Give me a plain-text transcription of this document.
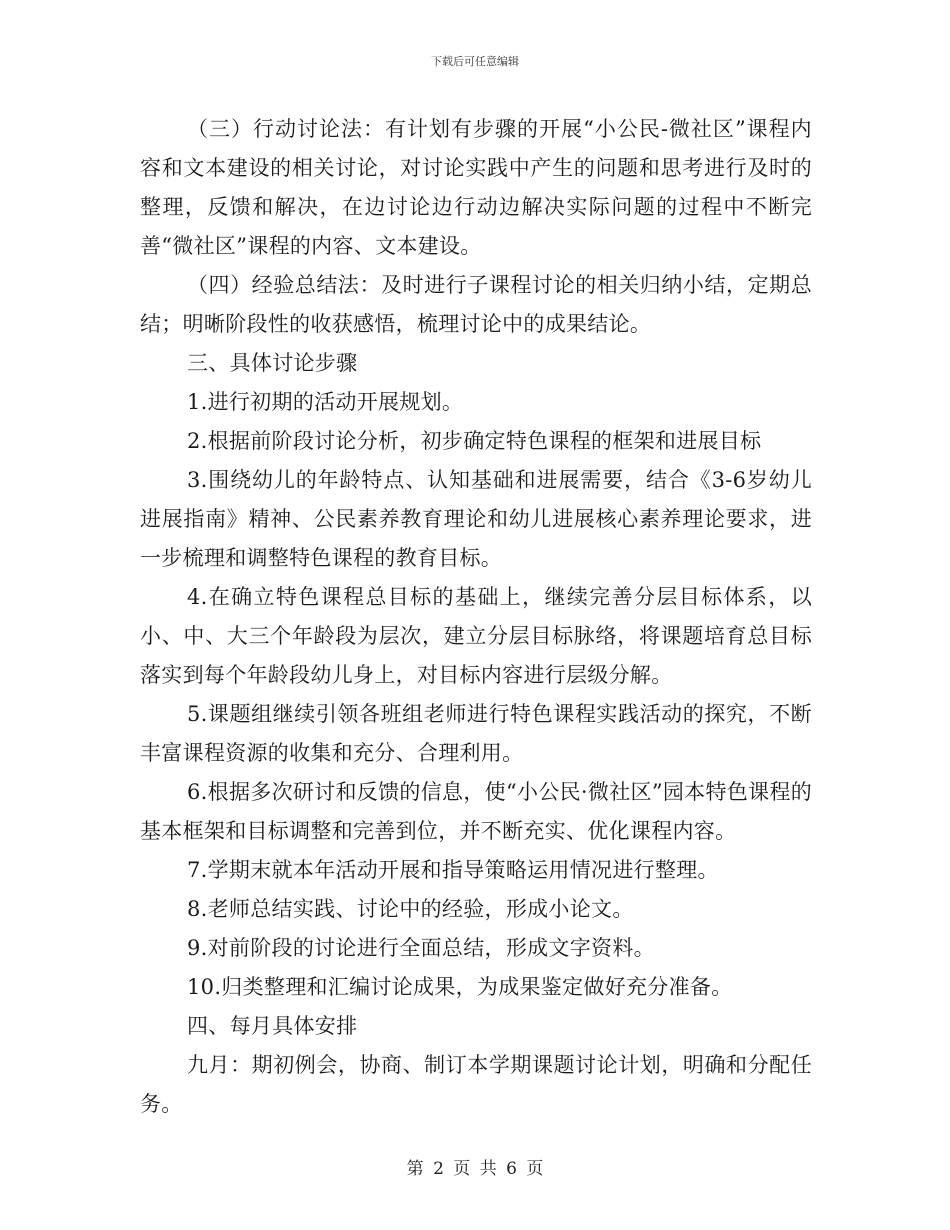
下载后可任意编辑

（三）行动讨论法：有计划有步骤的开展“小公民-微社区”课程内容和文本建设的相关讨论，对讨论实践中产生的问题和思考进行及时的整理，反馈和解决，在边讨论边行动边解决实际问题的过程中不断完善“微社区”课程的内容、文本建设。

（四）经验总结法：及时进行子课程讨论的相关归纳小结，定期总结；明晰阶段性的收获感悟，梳理讨论中的成果结论。

三、具体讨论步骤

1.进行初期的活动开展规划。

2.根据前阶段讨论分析，初步确定特色课程的框架和进展目标

3.围绕幼儿的年龄特点、认知基础和进展需要，结合《3-6岁幼儿进展指南》精神、公民素养教育理论和幼儿进展核心素养理论要求，进一步梳理和调整特色课程的教育目标。

4.在确立特色课程总目标的基础上，继续完善分层目标体系，以小、中、大三个年龄段为层次，建立分层目标脉络，将课题培育总目标落实到每个年龄段幼儿身上，对目标内容进行层级分解。

5.课题组继续引领各班组老师进行特色课程实践活动的探究，不断丰富课程资源的收集和充分、合理利用。

6.根据多次研讨和反馈的信息，使“小公民·微社区”园本特色课程的基本框架和目标调整和完善到位，并不断充实、优化课程内容。

7.学期末就本年活动开展和指导策略运用情况进行整理。

8.老师总结实践、讨论中的经验，形成小论文。

9.对前阶段的讨论进行全面总结，形成文字资料。

10.归类整理和汇编讨论成果，为成果鉴定做好充分准备。

四、每月具体安排

九月：期初例会，协商、制订本学期课题讨论计划，明确和分配任务。

第 2 页 共 6 页
